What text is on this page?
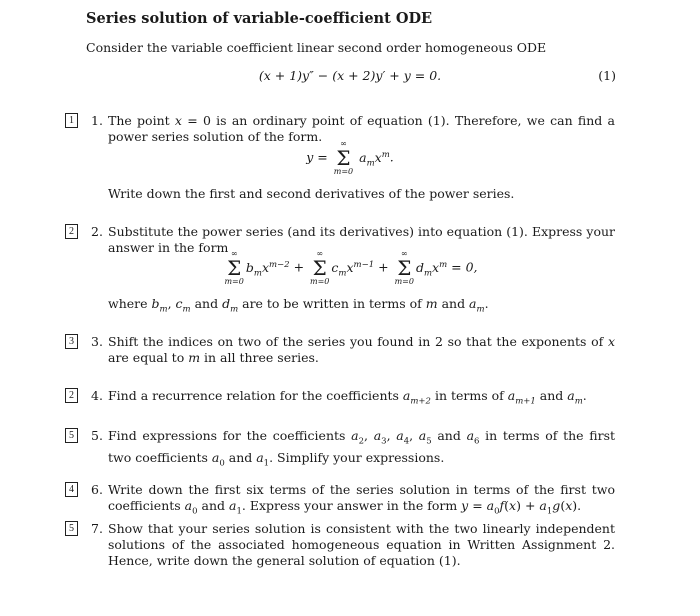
Series solution of variable-coefficient ODE
Consider the variable coefficient linear second order homogeneous ODE
(x + 1)y″ − (x + 2)y′ + y = 0.	(1)
1	1. The point x = 0 is an ordinary point of equation (1). Therefore, we can find a power series solution of the form.
y =
∞
Σ
m=0
$a_mx^m$.
Write down the first and second derivatives of the power series.
2	2. Substitute the power series (and its derivatives) into equation (1). Express your answer in the form ∞
Σ
m=0
$b_mx^{m-2}$ +
∞
Σ
m=0
$c_mx^{m-1}$ +
∞
Σ
m=0
$d_mx^m = 0$,
where $b_m$, $c_m$ and $d_m$ are to be written in terms of m and $a_m$.
3	3. Shift the indices on two of the series you found in 2 so that the exponents of x are equal to m in all three series.
2	4. Find a recurrence relation for the coefficients $a_{m+2}$ in terms of $a_{m+1}$ and $a_m$.
5	5. Find expressions for the coefficients $a_2$, $a_3$, $a_4$, $a_5$ and $a_6$ in terms of the first two coefficients $a_0$ and $a_1$. Simplify your expressions.
4	6. Write down the first six terms of the series solution in terms of the first two coefficients $a_0$ and $a_1$. Express your answer in the form $y = a_0f(x) + a_1g(x)$.
5	7. Show that your series solution is consistent with the two linearly independent solutions of the associated homogeneous equation in Written Assignment 2. Hence, write down the general solution of equation (1).
